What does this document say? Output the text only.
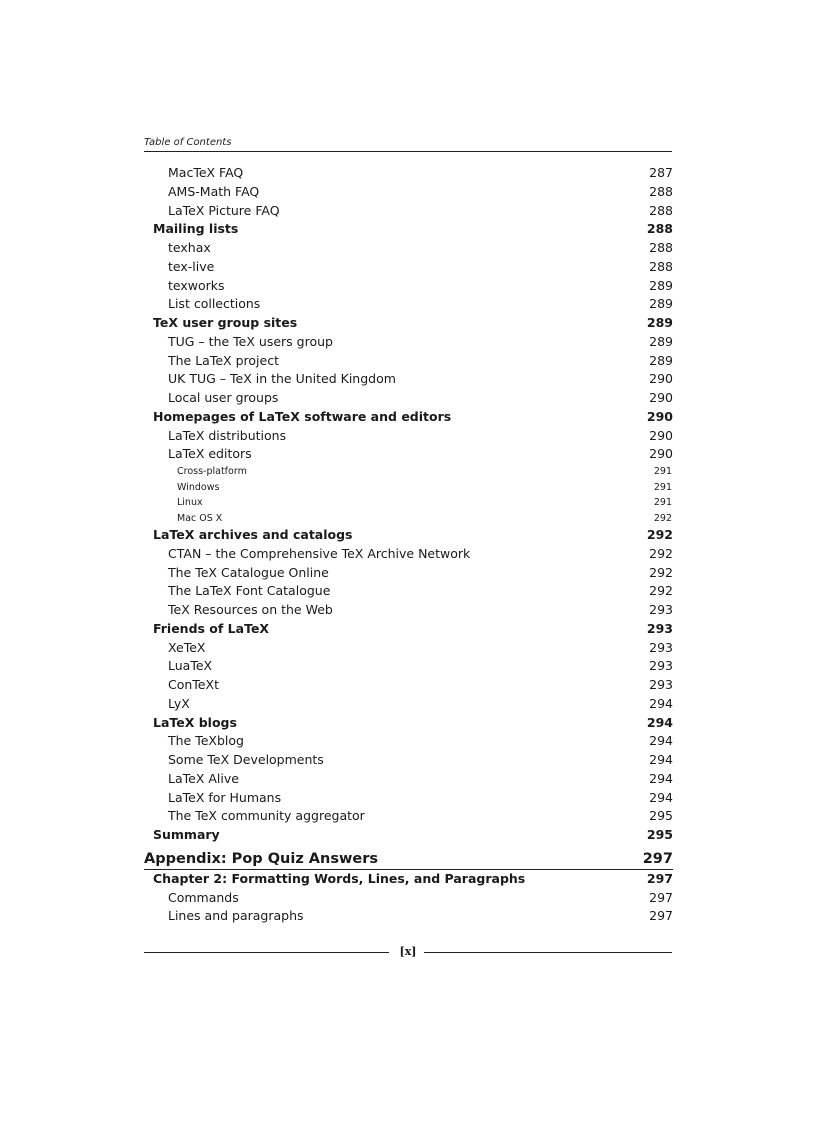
Table of Contents
MacTeX FAQ	287
AMS-Math FAQ	288
LaTeX Picture FAQ	288
Mailing lists	288
texhax	288
tex-live	288
texworks	289
List collections	289
TeX user group sites	289
TUG – the TeX users group	289
The LaTeX project	289
UK TUG – TeX in the United Kingdom	290
Local user groups	290
Homepages of LaTeX software and editors	290
LaTeX distributions	290
LaTeX editors	290
Cross-platform	291
Windows	291
Linux	291
Mac OS X	292
LaTeX archives and catalogs	292
CTAN – the Comprehensive TeX Archive Network	292
The TeX Catalogue Online	292
The LaTeX Font Catalogue	292
TeX Resources on the Web	293
Friends of LaTeX	293
XeTeX	293
LuaTeX	293
ConTeXt	293
LyX	294
LaTeX blogs	294
The TeXblog	294
Some TeX Developments	294
LaTeX Alive	294
LaTeX for Humans	294
The TeX community aggregator	295
Summary	295
Appendix: Pop Quiz Answers	297
Chapter 2: Formatting Words, Lines, and Paragraphs	297
Commands	297
Lines and paragraphs	297
[x]
